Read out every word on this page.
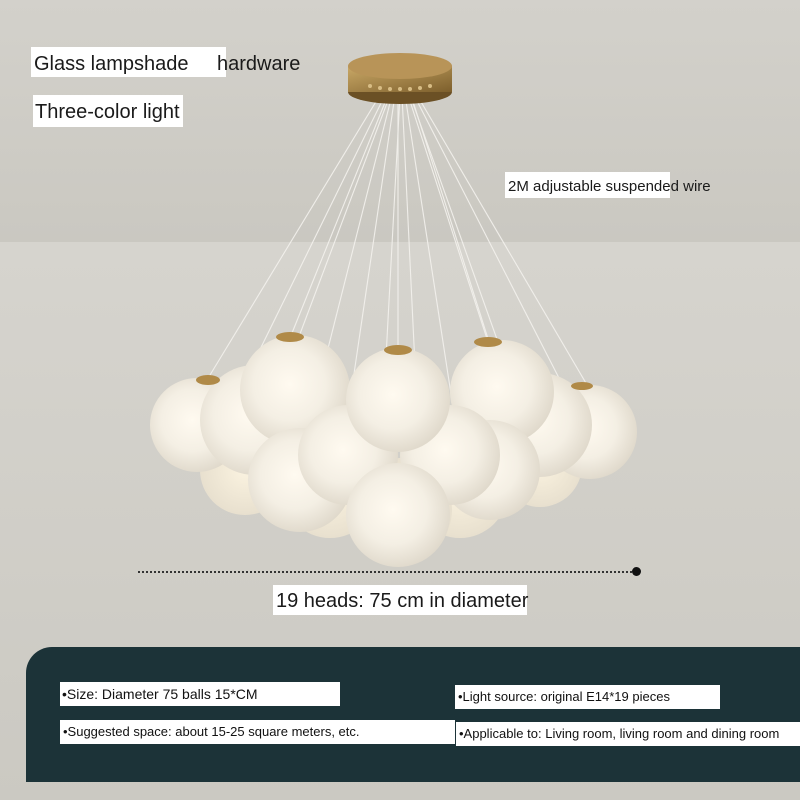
Glass lampshade	hardware
Three-color light
2M adjustable suspended wire
19 heads: 75 cm in diameter
•Size: Diameter 75 balls 15*CM
•Suggested space: about 15-25 square meters, etc.
•Light source: original E14*19 pieces
•Applicable to: Living room, living room and dining room
